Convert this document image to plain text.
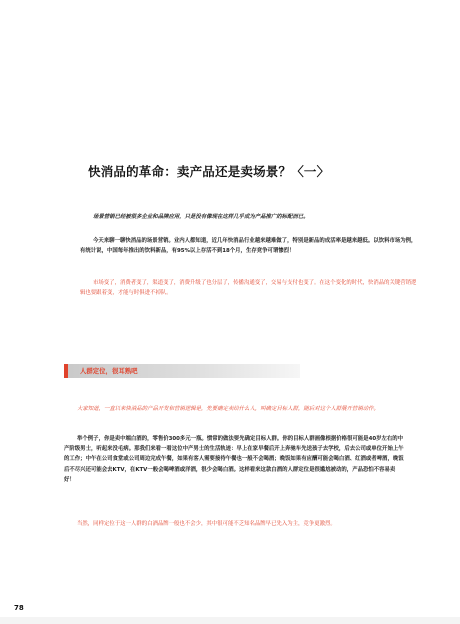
快消品的革命：卖产品还是卖场景？〈一〉

场景营销已经被很多企业和品牌应用，只是没有像现在这样几乎成为产品推广的标配而已。

今天来聊一聊快消品的场景营销。业内人都知道，近几年快消品行业越来越难做了，特别是新品的成活率是越来越低。以饮料市场为例，有统计说，中国每年推出的饮料新品，有95%以上存活不到18个月，生存竞争可谓惨烈！

市场变了，消费者变了，渠道变了，消费升级了也分层了，传播沟通变了，交易与支付也变了。在这个变化的时代，快消品的关键营销逻辑也要跟着变，才能与时俱进不掉队。

人群定位，很耳熟吧

大家知道，一直以来快消品的产品开发和营销逻辑是，先要确定卖给什么人，叫确定目标人群，随后对这个人群展开营销动作。

举个例子，你是卖中端白酒的，零售价300多元一瓶。惯常的做法要先确定目标人群。你的目标人群画像根据价格很可能是40岁左右的中产阶级男士，听起来没毛病。那我们来看一看这位中产男士的生活轨迹：早上在家早餐后开上奔驰车先送孩子去学校，后去公司或单位开始上午的工作；中午在公司食堂或公司周边完成午餐，如果有客人需要接待午餐也一般不会喝酒；晚饭如果有应酬可能会喝白酒、红酒或者啤酒，晚饭后不尽兴还可能会去KTV，在KTV一般会喝啤酒或洋酒，很少会喝白酒。这样看来这款白酒的人群定位是很尴尬被动的，产品恐怕不容易卖好！

当然，同样定位于这一人群的白酒品牌一般也不会少，其中很可能不乏知名品牌早已先入为主，竞争更激烈。

78
